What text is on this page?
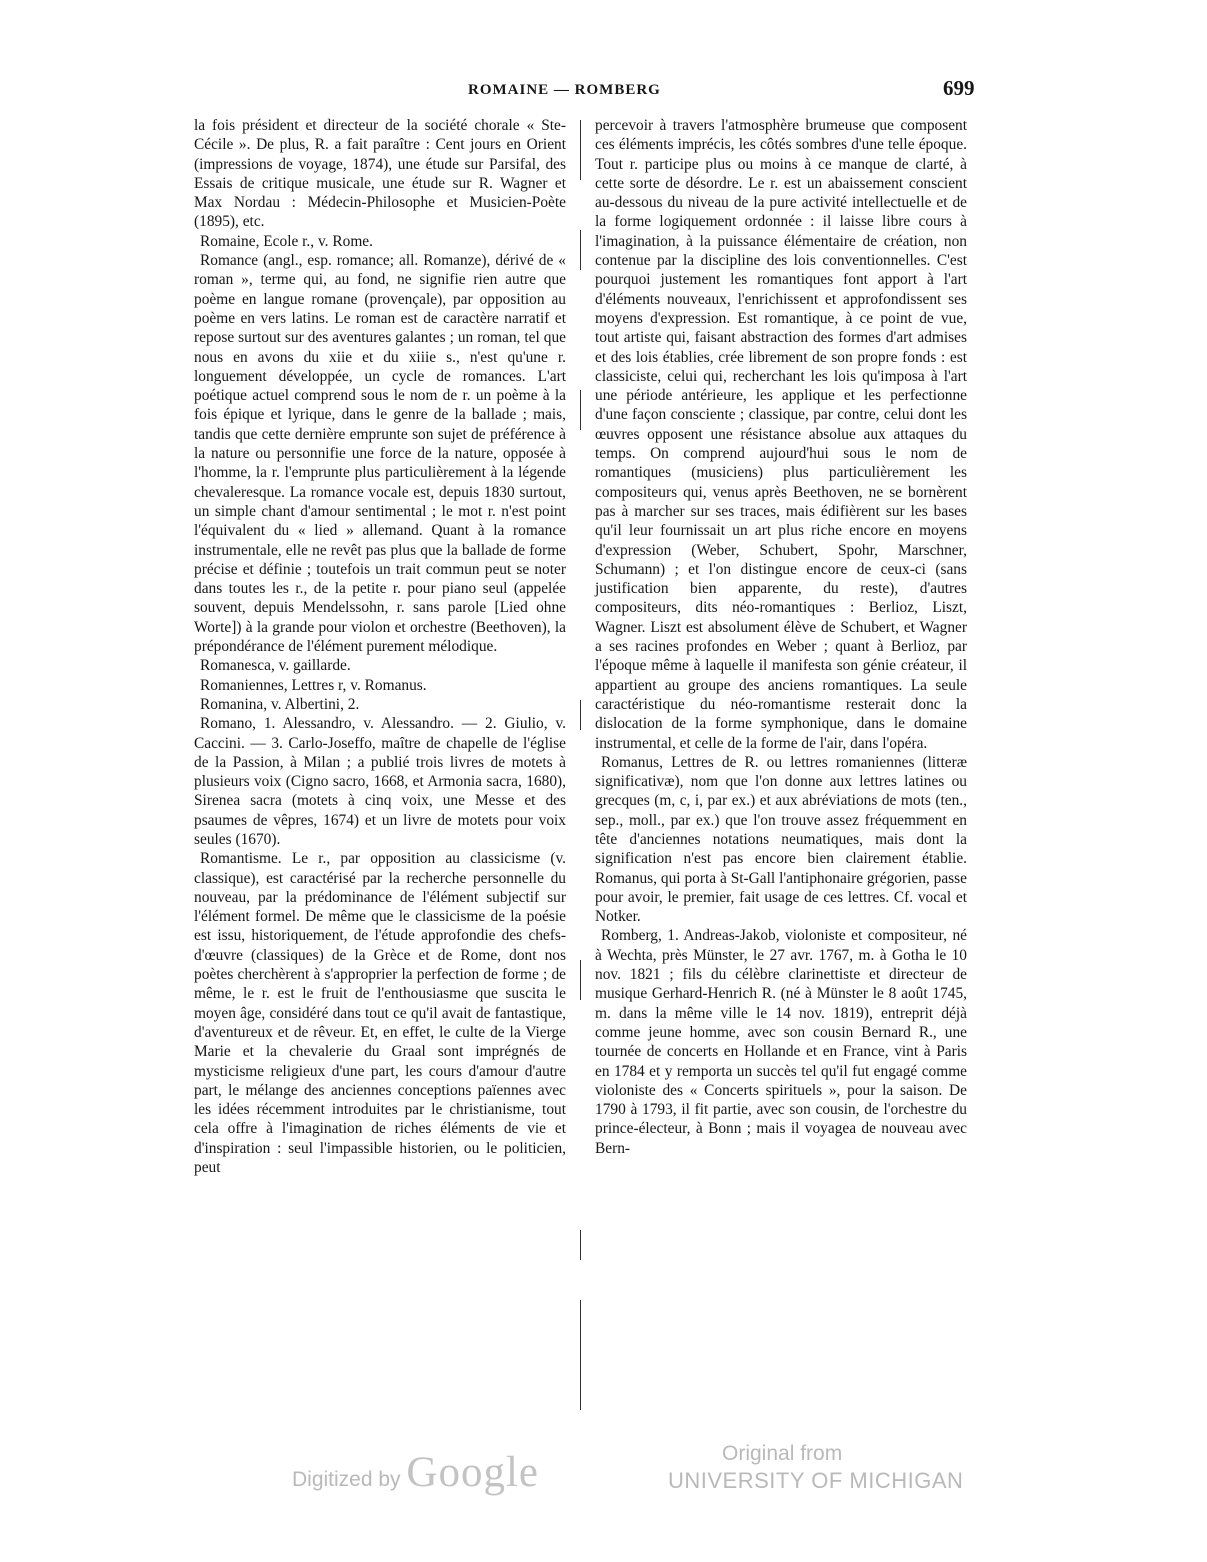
ROMAINE — ROMBERG	699

la fois président et directeur de la société chorale « Ste-Cécile ». De plus, R. a fait paraître : Cent jours en Orient (impressions de voyage, 1874), une étude sur Parsifal, des Essais de critique musicale, une étude sur R. Wagner et Max Nordau : Médecin-Philosophe et Musicien-Poète (1895), etc.

Romaine, Ecole r., v. Rome.

Romance (angl., esp. romance; all. Romanze), dérivé de « roman », terme qui, au fond, ne signifie rien autre que poème en langue romane (provençale), par opposition au poème en vers latins. Le roman est de caractère narratif et repose surtout sur des aventures galantes ; un roman, tel que nous en avons du xiie et du xiiie s., n'est qu'une r. longuement développée, un cycle de romances. L'art poétique actuel comprend sous le nom de r. un poème à la fois épique et lyrique, dans le genre de la ballade ; mais, tandis que cette dernière emprunte son sujet de préférence à la nature ou personnifie une force de la nature, opposée à l'homme, la r. l'emprunte plus particulièrement à la légende chevaleresque. La romance vocale est, depuis 1830 surtout, un simple chant d'amour sentimental ; le mot r. n'est point l'équivalent du « lied » allemand. Quant à la romance instrumentale, elle ne revêt pas plus que la ballade de forme précise et définie ; toutefois un trait commun peut se noter dans toutes les r., de la petite r. pour piano seul (appelée souvent, depuis Mendelssohn, r. sans parole [Lied ohne Worte]) à la grande pour violon et orchestre (Beethoven), la prépondérance de l'élément purement mélodique.

Romanesca, v. gaillarde.

Romaniennes, Lettres r, v. Romanus.

Romanina, v. Albertini, 2.

Romano, 1. Alessandro, v. Alessandro. — 2. Giulio, v. Caccini. — 3. Carlo-Joseffo, maître de chapelle de l'église de la Passion, à Milan ; a publié trois livres de motets à plusieurs voix (Cigno sacro, 1668, et Armonia sacra, 1680), Sirenea sacra (motets à cinq voix, une Messe et des psaumes de vêpres, 1674) et un livre de motets pour voix seules (1670).

Romantisme. Le r., par opposition au classicisme (v. classique), est caractérisé par la recherche personnelle du nouveau, par la prédominance de l'élément subjectif sur l'élément formel. De même que le classicisme de la poésie est issu, historiquement, de l'étude approfondie des chefs-d'œuvre (classiques) de la Grèce et de Rome, dont nos poètes cherchèrent à s'approprier la perfection de forme ; de même, le r. est le fruit de l'enthousiasme que suscita le moyen âge, considéré dans tout ce qu'il avait de fantastique, d'aventureux et de rêveur. Et, en effet, le culte de la Vierge Marie et la chevalerie du Graal sont imprégnés de mysticisme religieux d'une part, les cours d'amour d'autre part, le mélange des anciennes conceptions païennes avec les idées récemment introduites par le christianisme, tout cela offre à l'imagination de riches éléments de vie et d'inspiration : seul l'impassible historien, ou le politicien, peut

percevoir à travers l'atmosphère brumeuse que composent ces éléments imprécis, les côtés sombres d'une telle époque. Tout r. participe plus ou moins à ce manque de clarté, à cette sorte de désordre. Le r. est un abaissement conscient au-dessous du niveau de la pure activité intellectuelle et de la forme logiquement ordonnée : il laisse libre cours à l'imagination, à la puissance élémentaire de création, non contenue par la discipline des lois conventionnelles. C'est pourquoi justement les romantiques font apport à l'art d'éléments nouveaux, l'enrichissent et approfondissent ses moyens d'expression. Est romantique, à ce point de vue, tout artiste qui, faisant abstraction des formes d'art admises et des lois établies, crée librement de son propre fonds : est classiciste, celui qui, recherchant les lois qu'imposa à l'art une période antérieure, les applique et les perfectionne d'une façon consciente ; classique, par contre, celui dont les œuvres opposent une résistance absolue aux attaques du temps. On comprend aujourd'hui sous le nom de romantiques (musiciens) plus particulièrement les compositeurs qui, venus après Beethoven, ne se bornèrent pas à marcher sur ses traces, mais édifièrent sur les bases qu'il leur fournissait un art plus riche encore en moyens d'expression (Weber, Schubert, Spohr, Marschner, Schumann) ; et l'on distingue encore de ceux-ci (sans justification bien apparente, du reste), d'autres compositeurs, dits néo-romantiques : Berlioz, Liszt, Wagner. Liszt est absolument élève de Schubert, et Wagner a ses racines profondes en Weber ; quant à Berlioz, par l'époque même à laquelle il manifesta son génie créateur, il appartient au groupe des anciens romantiques. La seule caractéristique du néo-romantisme resterait donc la dislocation de la forme symphonique, dans le domaine instrumental, et celle de la forme de l'air, dans l'opéra.

Romanus, Lettres de R. ou lettres romaniennes (litteræ significativæ), nom que l'on donne aux lettres latines ou grecques (m, c, i, par ex.) et aux abréviations de mots (ten., sep., moll., par ex.) que l'on trouve assez fréquemment en tête d'anciennes notations neumatiques, mais dont la signification n'est pas encore bien clairement établie. Romanus, qui porta à St-Gall l'antiphonaire grégorien, passe pour avoir, le premier, fait usage de ces lettres. Cf. vocal et Notker.

Romberg, 1. Andreas-Jakob, violoniste et compositeur, né à Wechta, près Münster, le 27 avr. 1767, m. à Gotha le 10 nov. 1821 ; fils du célèbre clarinettiste et directeur de musique Gerhard-Henrich R. (né à Münster le 8 août 1745, m. dans la même ville le 14 nov. 1819), entreprit déjà comme jeune homme, avec son cousin Bernard R., une tournée de concerts en Hollande et en France, vint à Paris en 1784 et y remporta un succès tel qu'il fut engagé comme violoniste des « Concerts spirituels », pour la saison. De 1790 à 1793, il fit partie, avec son cousin, de l'orchestre du prince-électeur, à Bonn ; mais il voyagea de nouveau avec Bern-

Digitized by Google	Original from
UNIVERSITY OF MICHIGAN
